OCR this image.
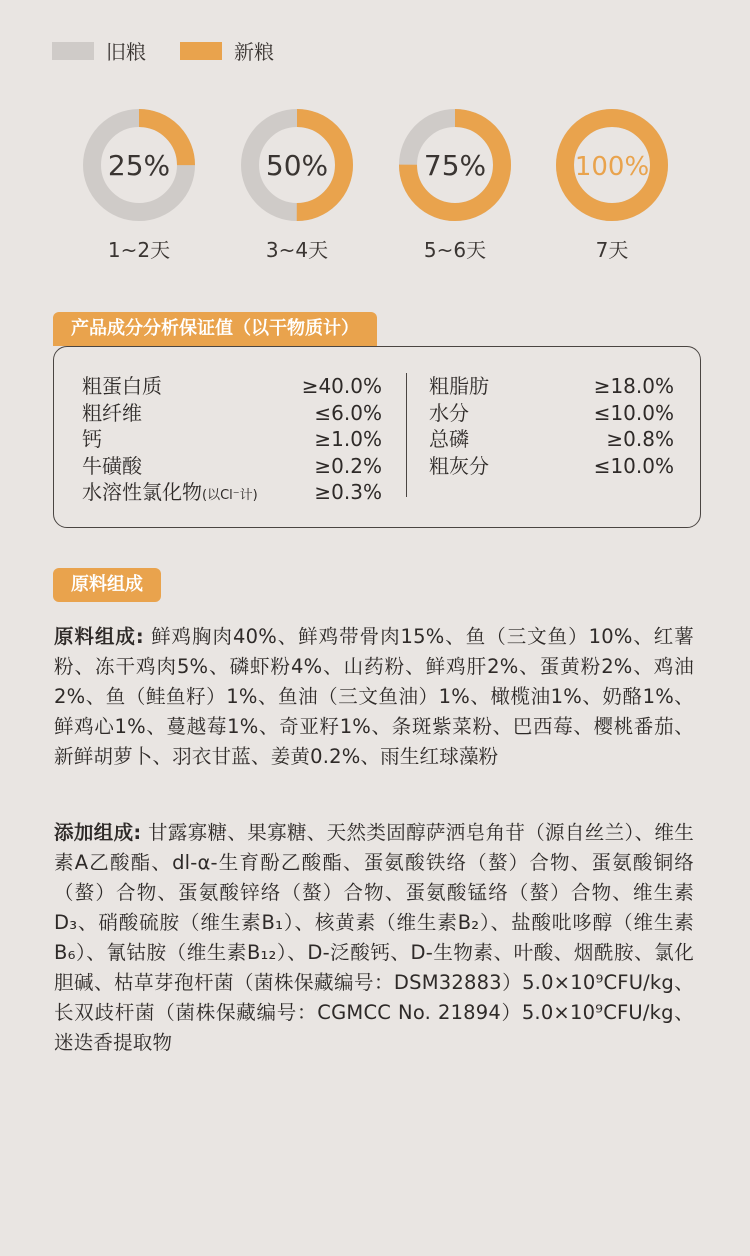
旧粮	新粮
25%
1~2天
50%
3~4天
75%
5~6天
100%
7天
产品成分分析保证值（以干物质计）
粗蛋白质	≥40.0%
粗纤维	≤6.0%
钙	≥1.0%
牛磺酸	≥0.2%
水溶性氯化物(以Cl⁻计)	≥0.3%
粗脂肪	≥18.0%
水分	≤10.0%
总磷	≥0.8%
粗灰分	≤10.0%
原料组成
原料组成: 鲜鸡胸肉40%、鲜鸡带骨肉15%、鱼（三文鱼）10%、红薯粉、冻干鸡肉5%、磷虾粉4%、山药粉、鲜鸡肝2%、蛋黄粉2%、鸡油2%、鱼（鲑鱼籽）1%、鱼油（三文鱼油）1%、橄榄油1%、奶酪1%、鲜鸡心1%、蔓越莓1%、奇亚籽1%、条斑紫菜粉、巴西莓、樱桃番茄、新鲜胡萝卜、羽衣甘蓝、姜黄0.2%、雨生红球藻粉
添加组成: 甘露寡糖、果寡糖、天然类固醇萨洒皂角苷（源自丝兰）、维生素A乙酸酯、dl-α-生育酚乙酸酯、蛋氨酸铁络（螯）合物、蛋氨酸铜络（螯）合物、蛋氨酸锌络（螯）合物、蛋氨酸锰络（螯）合物、维生素D₃、硝酸硫胺（维生素B₁）、核黄素（维生素B₂）、盐酸吡哆醇（维生素B₆）、氰钴胺（维生素B₁₂）、D-泛酸钙、D-生物素、叶酸、烟酰胺、氯化胆碱、枯草芽孢杆菌（菌株保藏编号：DSM32883）5.0×10⁹CFU/kg、长双歧杆菌（菌株保藏编号：CGMCC No. 21894）5.0×10⁹CFU/kg、迷迭香提取物
